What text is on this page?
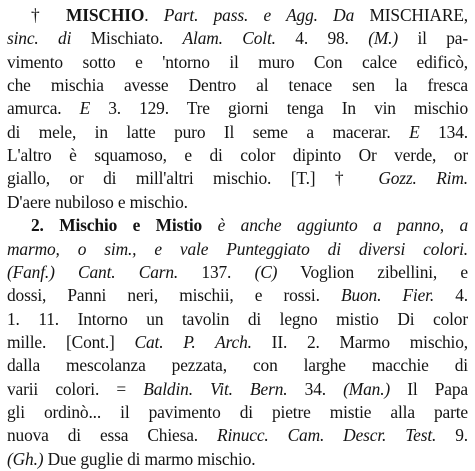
† MISCHIO. Part. pass. e Agg. Da MISCHIARE,
sinc. di Mischiato. Alam. Colt. 4. 98. (M.) il pa-
vimento sotto e 'ntorno il muro Con calce edificò,
che mischia avesse Dentro al tenace sen la fresca
amurca. E 3. 129. Tre giorni tenga In vin mischio
di mele, in latte puro Il seme a macerar. E 134.
L'altro è squamoso, e di color dipinto Or verde, or
giallo, or di mill'altri mischio. [T.] † Gozz. Rim.
D'aere nubiloso e mischio.
2. Mischio e Mistio è anche aggiunto a panno, a
marmo, o sim., e vale Punteggiato di diversi colori.
(Fanf.) Cant. Carn. 137. (C) Voglion zibellini, e
dossi, Panni neri, mischii, e rossi. Buon. Fier. 4.
1. 11. Intorno un tavolin di legno mistio Di color
mille. [Cont.] Cat. P. Arch. II. 2. Marmo mischio,
dalla mescolanza pezzata, con larghe macchie di
varii colori. = Baldin. Vit. Bern. 34. (Man.) Il Papa
gli ordinò... il pavimento di pietre mistie alla parte
nuova di essa Chiesa. Rinucc. Cam. Descr. Test. 9.
(Gh.) Due guglie di marmo mischio.
